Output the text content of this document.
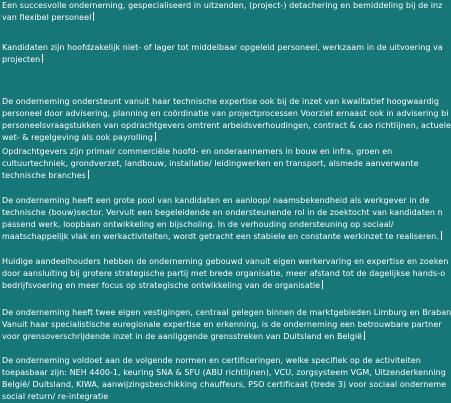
Een succesvolle onderneming, gespecialiseerd in uitzenden, (project-) detachering en bemiddeling bij de inz
van flexibel personeel
Kandidaten zijn hoofdzakelijk niet- of lager tot middelbaar opgeleid personeel, werkzaam in de uitvoering va
projecten
De onderneming ondersteunt vanuit haar technische expertise ook bij de inzet van kwalitatief hoogwaardig
personeel door advisering, planning en coördinatie van projectprocessen Voorziet ernaast ook in advisering bi
personeelsvraagstukken van opdrachtgevers omtrent arbeidsverhoudingen, contract & cao richtlijnen, actuele
wet- & regelgeving als ook payrolling
Opdrachtgevers zijn primair commerciële hoofd- en onderaannemers in bouw en infra, groen en
cultuurtechniek, grondverzet, landbouw, installatie/ leidingwerken en transport, alsmede aanverwante
technische branches
De onderneming heeft een grote pool van kandidaten en aanloop/ naamsbekendheid als werkgever in de
technische (bouw)sector. Vervult een begeleidende en ondersteunende rol in de zoektocht van kandidaten n
passend werk, loopbaan ontwikkeling en bijscholing. In de verhouding ondersteuning op sociaal/
maatschappelijk vlak en werkactiviteiten, wordt getracht een stabiele en constante werkinzet te realiseren.
Huidige aandeelhouders hebben de onderneming gebouwd vanuit eigen werkervaring en expertise en zoeken
door aansluiting bij grotere strategische partij met brede organisatie, meer afstand tot de dagelijkse hands-o
bedrijfsvoering en meer focus op strategische ontwikkeling van de organisatie
De onderneming heeft twee eigen vestigingen, centraal gelegen binnen de marktgebieden Limburg en Braban
Vanuit haar specialistische euregionale expertise en erkenning, is de onderneming een betrouwbare partner
voor grensoverschrijdende inzet in de aanliggende grensstreken van Duitsland en België
De onderneming voldoet aan de volgende normen en certificeringen, welke specifiek op de activiteiten
toepasbaar zijn: NEH 4400-1, keuring SNA & SFU (ABU richtlijnen), VCU, zorgsysteem VGM, Uitzenderkenning
België/ Duitsland, KIWA, aanwijzingsbeschikking chauffeurs, PSO certificaat (trede 3) voor sociaal onderneme
social return/ re-integratie
